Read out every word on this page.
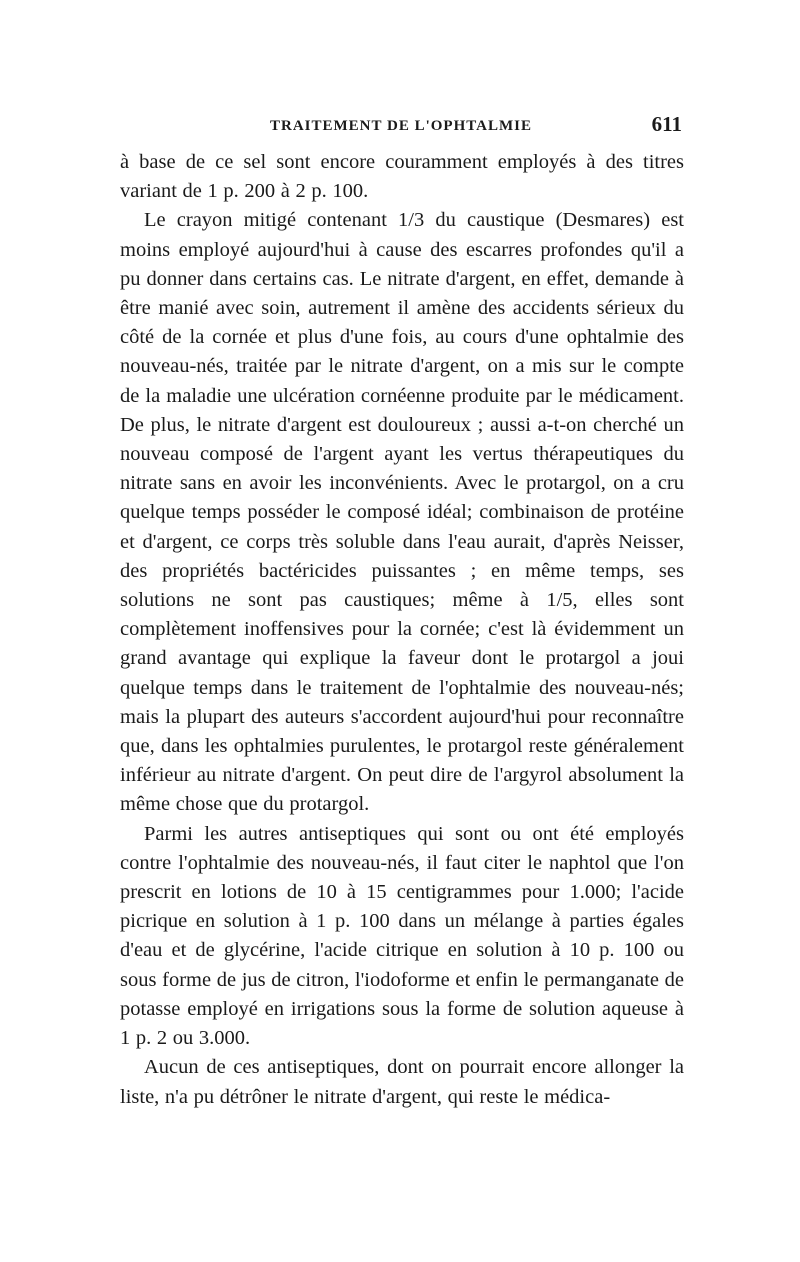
TRAITEMENT DE L'OPHTALMIE	611

à base de ce sel sont encore couramment employés à des titres variant de 1 p. 200 à 2 p. 100.

Le crayon mitigé contenant 1/3 du caustique (Desmares) est moins employé aujourd'hui à cause des escarres profondes qu'il a pu donner dans certains cas. Le nitrate d'argent, en effet, demande à être manié avec soin, autrement il amène des accidents sérieux du côté de la cornée et plus d'une fois, au cours d'une ophtalmie des nouveau-nés, traitée par le nitrate d'argent, on a mis sur le compte de la maladie une ulcération cornéenne produite par le médicament. De plus, le nitrate d'argent est douloureux ; aussi a-t-on cherché un nouveau composé de l'argent ayant les vertus thérapeutiques du nitrate sans en avoir les inconvénients. Avec le protargol, on a cru quelque temps posséder le composé idéal; combinaison de protéine et d'argent, ce corps très soluble dans l'eau aurait, d'après Neisser, des propriétés bactéricides puissantes ; en même temps, ses solutions ne sont pas caustiques; même à 1/5, elles sont complètement inoffensives pour la cornée; c'est là évidemment un grand avantage qui explique la faveur dont le protargol a joui quelque temps dans le traitement de l'ophtalmie des nouveau-nés; mais la plupart des auteurs s'accordent aujourd'hui pour reconnaître que, dans les ophtalmies purulentes, le protargol reste généralement inférieur au nitrate d'argent. On peut dire de l'argyrol absolument la même chose que du protargol.

Parmi les autres antiseptiques qui sont ou ont été employés contre l'ophtalmie des nouveau-nés, il faut citer le naphtol que l'on prescrit en lotions de 10 à 15 centigrammes pour 1.000; l'acide picrique en solution à 1 p. 100 dans un mélange à parties égales d'eau et de glycérine, l'acide citrique en solution à 10 p. 100 ou sous forme de jus de citron, l'iodoforme et enfin le permanganate de potasse employé en irrigations sous la forme de solution aqueuse à 1 p. 2 ou 3.000.

Aucun de ces antiseptiques, dont on pourrait encore allonger la liste, n'a pu détrôner le nitrate d'argent, qui reste le médica-
